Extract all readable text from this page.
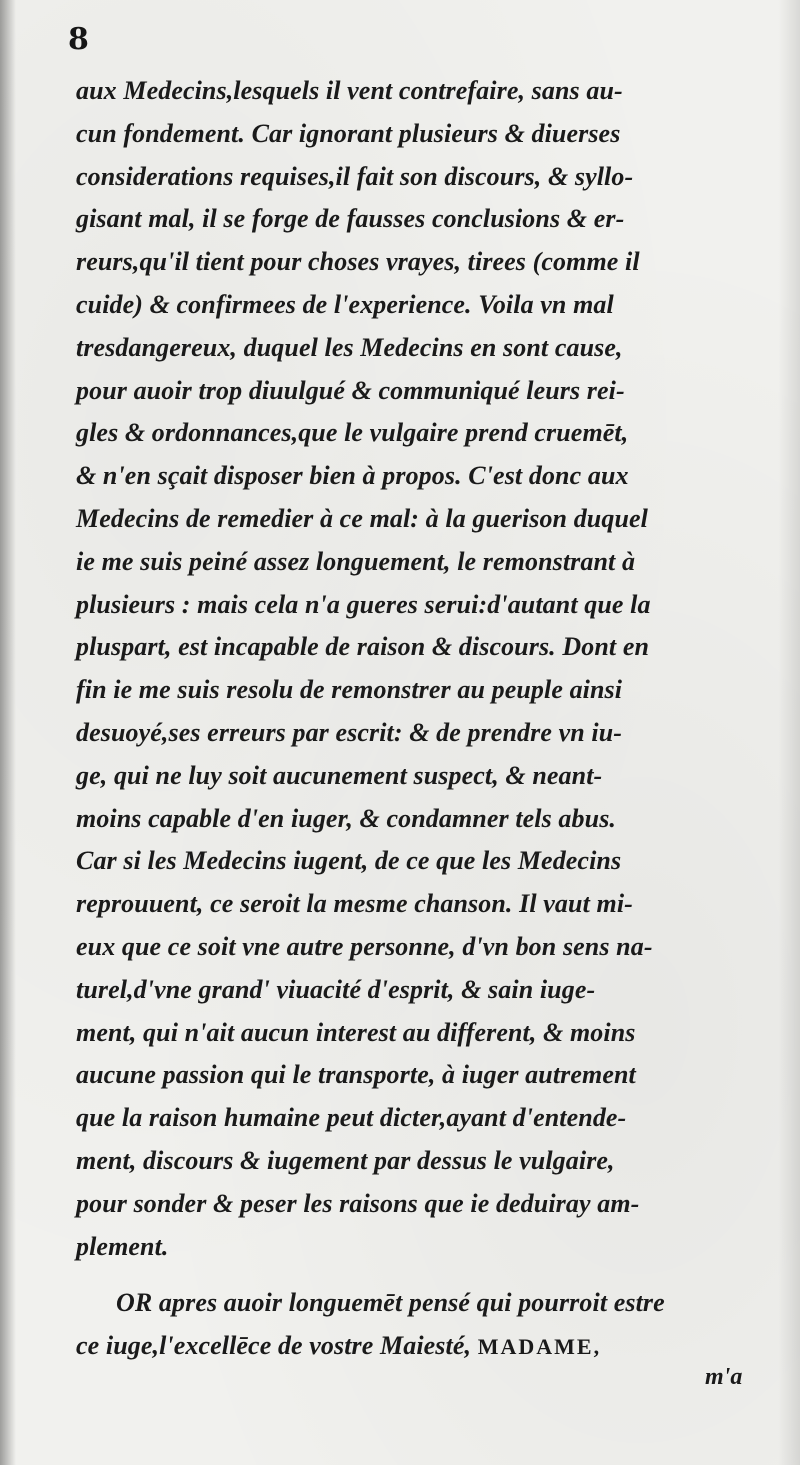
8

aux Medecins,lesquels il vent contrefaire, sans au-
cun fondement. Car ignorant plusieurs & diuerses
considerations requises,il fait son discours, & syllo-
gisant mal, il se forge de fausses conclusions & er-
reurs,qu'il tient pour choses vrayes, tirees (comme il
cuide) & confirmees de l'experience. Voila vn mal
tresdangereux, duquel les Medecins en sont cause,
pour auoir trop diuulgué & communiqué leurs rei-
gles & ordonnances,que le vulgaire prend cruemēt,
& n'en sçait disposer bien à propos. C'est donc aux
Medecins de remedier à ce mal: à la guerison duquel
ie me suis peiné assez longuement, le remonstrant à
plusieurs : mais cela n'a gueres serui:d'autant que la
pluspart, est incapable de raison & discours. Dont en
fin ie me suis resolu de remonstrer au peuple ainsi
desuoyé,ses erreurs par escrit: & de prendre vn iu-
ge, qui ne luy soit aucunement suspect, & neant-
moins capable d'en iuger, & condamner tels abus.
Car si les Medecins iugent, de ce que les Medecins
reprouuent, ce seroit la mesme chanson. Il vaut mi-
eux que ce soit vne autre personne, d'vn bon sens na-
turel,d'vne grand' viuacité d'esprit, & sain iuge-
ment, qui n'ait aucun interest au different, & moins
aucune passion qui le transporte, à iuger autrement
que la raison humaine peut dicter,ayant d'entende-
ment, discours & iugement par dessus le vulgaire,
pour sonder & peser les raisons que ie deduiray am-
plement.
OR apres auoir longuemēt pensé qui pourroit estre
ce iuge,l'excellēce de vostre Maiesté, MADAME,
m'a
